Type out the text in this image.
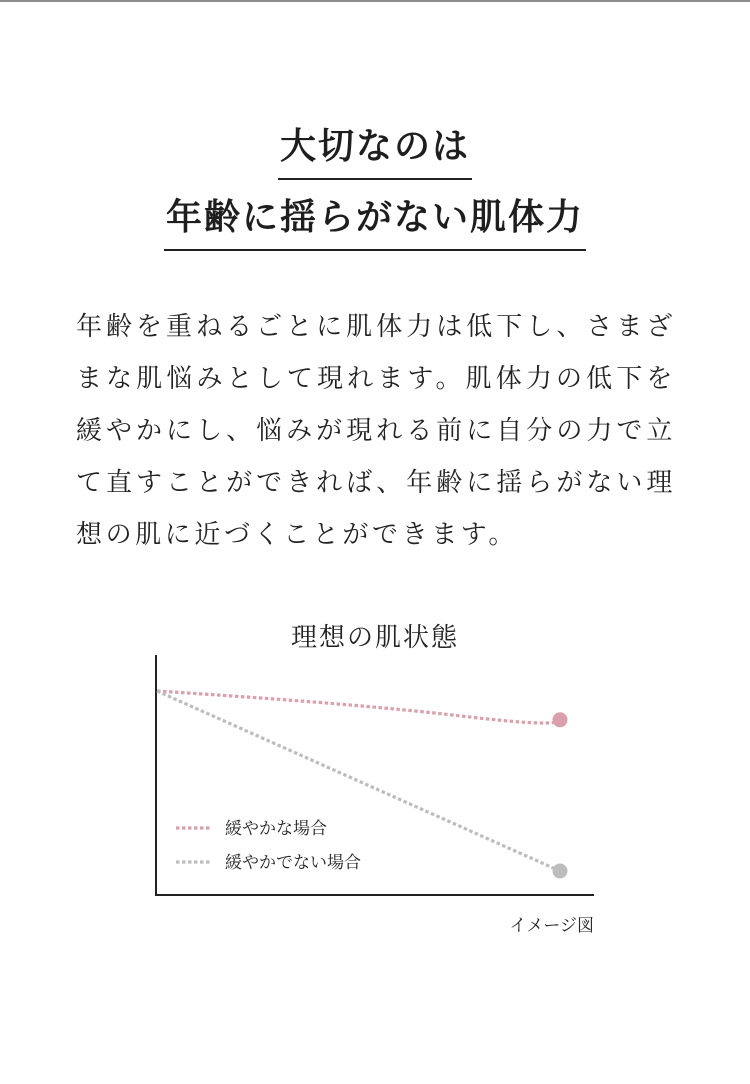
大切なのは
年齢に揺らがない肌体力

年齢を重ねるごとに肌体力は低下し、さまざまな肌悩みとして現れます。肌体力の低下を緩やかにし、悩みが現れる前に自分の力で立て直すことができれば、年齢に揺らがない理想の肌に近づくことができます。

理想の肌状態
緩やかな場合
緩やかでない場合
イメージ図
